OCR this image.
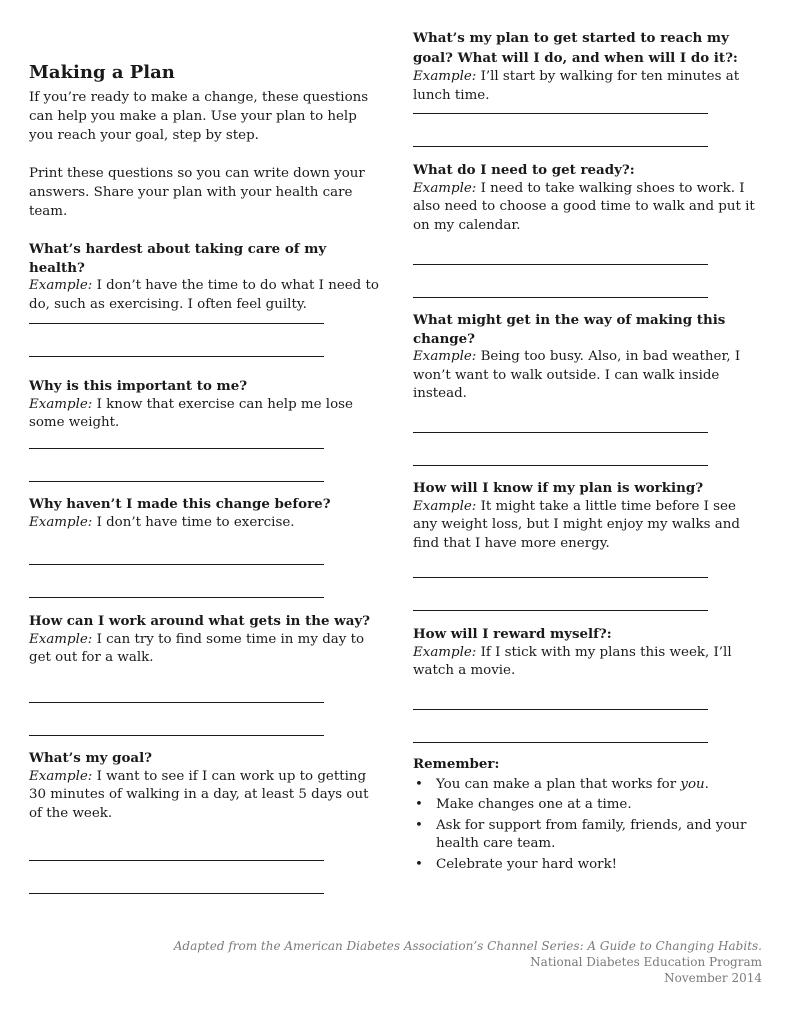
Making a Plan

If you’re ready to make a change, these questions can help you make a plan. Use your plan to help you reach your goal, step by step.

Print these questions so you can write down your answers. Share your plan with your health care team.

What’s hardest about taking care of my health?
Example: I don’t have the time to do what I need to do, such as exercising. I often feel guilty.
Why is this important to me?
Example: I know that exercise can help me lose some weight.
Why haven’t I made this change before?
Example: I don’t have time to exercise.
How can I work around what gets in the way?
Example: I can try to find some time in my day to get out for a walk.
What’s my goal?
Example: I want to see if I can work up to getting 30 minutes of walking in a day, at least 5 days out of the week.
What’s my plan to get started to reach my goal? What will I do, and when will I do it?: Example: I’ll start by walking for ten minutes at lunch time.
What do I need to get ready?:
Example: I need to take walking shoes to work. I also need to choose a good time to walk and put it on my calendar.
What might get in the way of making this change?
Example: Being too busy. Also, in bad weather, I won’t want to walk outside. I can walk inside instead.
How will I know if my plan is working?
Example: It might take a little time before I see any weight loss, but I might enjoy my walks and find that I have more energy.
How will I reward myself?:
Example: If I stick with my plans this week, I’ll watch a movie.
Remember:
• You can make a plan that works for you.
• Make changes one at a time.
• Ask for support from family, friends, and your health care team.
• Celebrate your hard work!
Adapted from the American Diabetes Association’s Channel Series: A Guide to Changing Habits.
National Diabetes Education Program
November 2014
